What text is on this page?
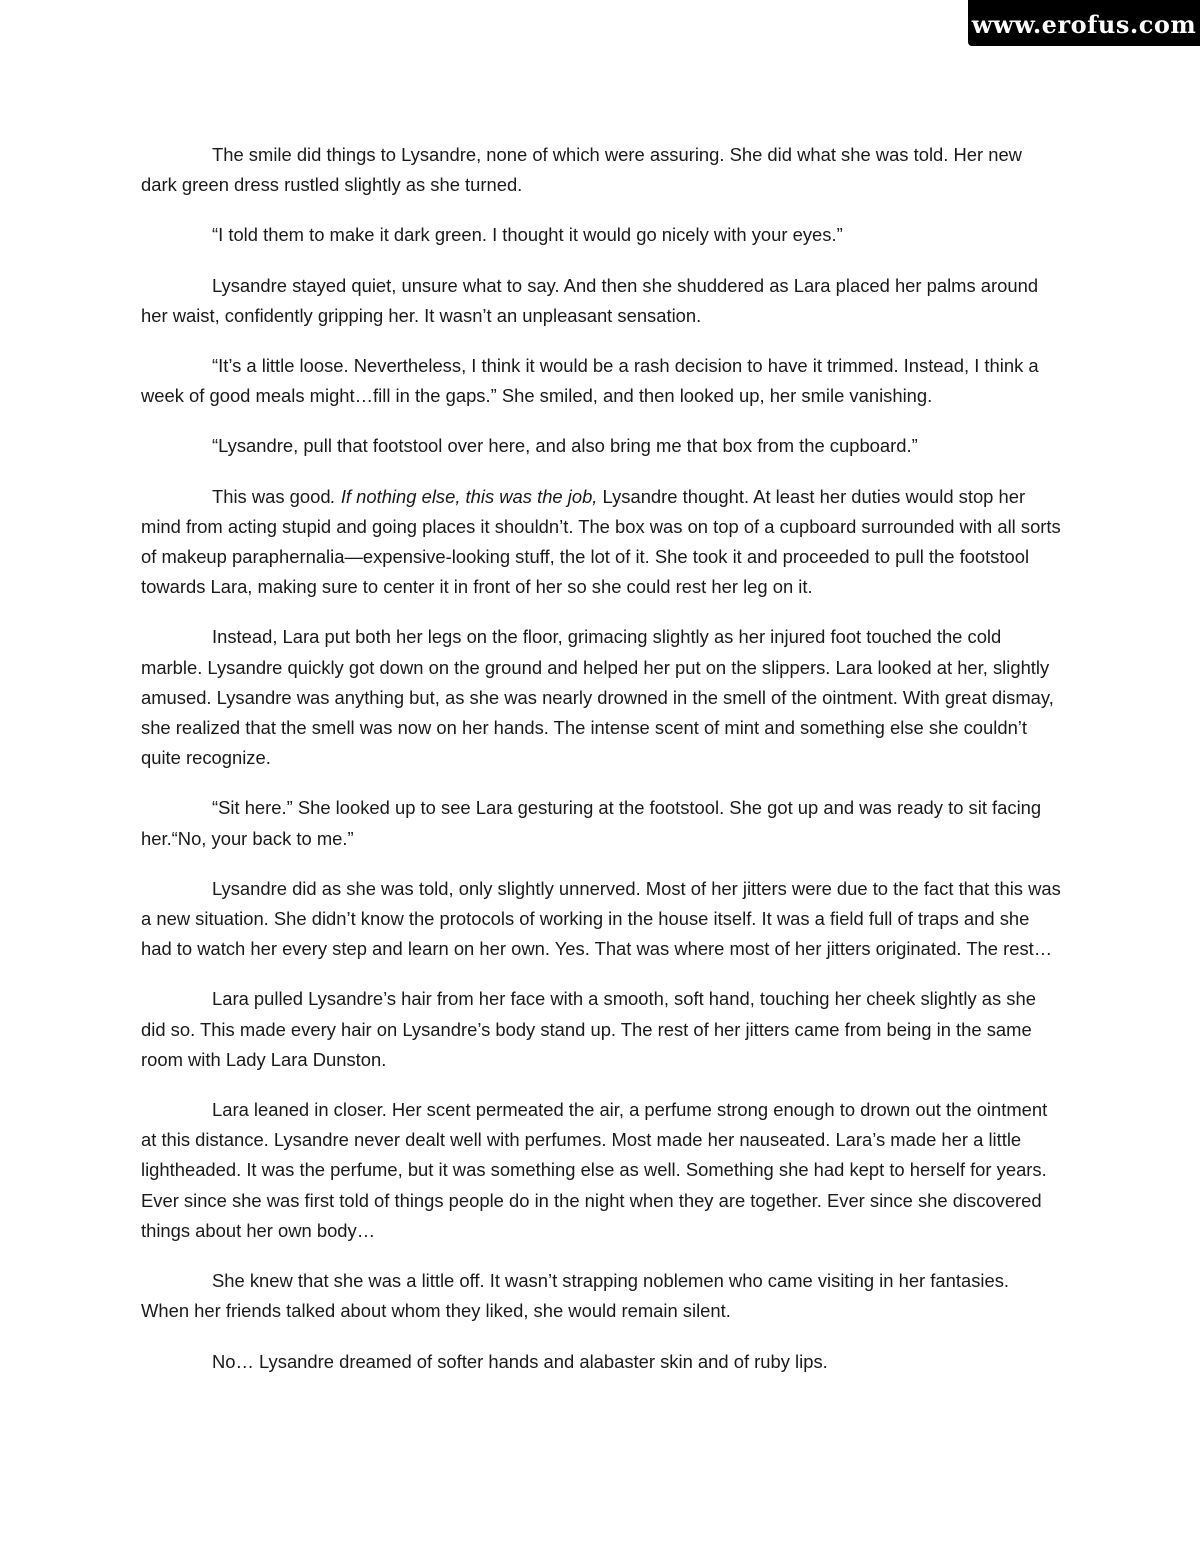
www.erofus.com

The smile did things to Lysandre, none of which were assuring. She did what she was told. Her new dark green dress rustled slightly as she turned.

“I told them to make it dark green. I thought it would go nicely with your eyes.”

Lysandre stayed quiet, unsure what to say. And then she shuddered as Lara placed her palms around her waist, confidently gripping her. It wasn’t an unpleasant sensation.

“It’s a little loose. Nevertheless, I think it would be a rash decision to have it trimmed. Instead, I think a week of good meals might…fill in the gaps.” She smiled, and then looked up, her smile vanishing.

“Lysandre, pull that footstool over here, and also bring me that box from the cupboard.”

This was good. If nothing else, this was the job, Lysandre thought. At least her duties would stop her mind from acting stupid and going places it shouldn’t. The box was on top of a cupboard surrounded with all sorts of makeup paraphernalia—expensive-looking stuff, the lot of it. She took it and proceeded to pull the footstool towards Lara, making sure to center it in front of her so she could rest her leg on it.

Instead, Lara put both her legs on the floor, grimacing slightly as her injured foot touched the cold marble. Lysandre quickly got down on the ground and helped her put on the slippers. Lara looked at her, slightly amused. Lysandre was anything but, as she was nearly drowned in the smell of the ointment. With great dismay, she realized that the smell was now on her hands. The intense scent of mint and something else she couldn’t quite recognize.

“Sit here.” She looked up to see Lara gesturing at the footstool. She got up and was ready to sit facing her.“No, your back to me.”

Lysandre did as she was told, only slightly unnerved. Most of her jitters were due to the fact that this was a new situation. She didn’t know the protocols of working in the house itself. It was a field full of traps and she had to watch her every step and learn on her own. Yes. That was where most of her jitters originated. The rest…

Lara pulled Lysandre’s hair from her face with a smooth, soft hand, touching her cheek slightly as she did so. This made every hair on Lysandre’s body stand up. The rest of her jitters came from being in the same room with Lady Lara Dunston.

Lara leaned in closer. Her scent permeated the air, a perfume strong enough to drown out the ointment at this distance. Lysandre never dealt well with perfumes. Most made her nauseated. Lara’s made her a little lightheaded. It was the perfume, but it was something else as well. Something she had kept to herself for years. Ever since she was first told of things people do in the night when they are together. Ever since she discovered things about her own body…

She knew that she was a little off. It wasn’t strapping noblemen who came visiting in her fantasies. When her friends talked about whom they liked, she would remain silent.

No… Lysandre dreamed of softer hands and alabaster skin and of ruby lips.
